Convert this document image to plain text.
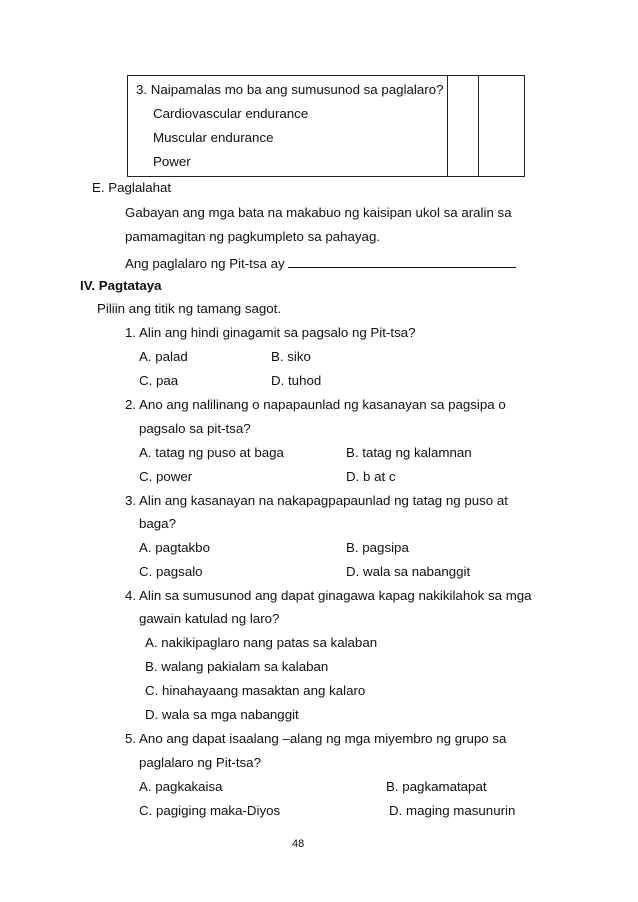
3. Naipamalas mo ba ang sumusunod sa paglalaro?
Cardiovascular endurance
Muscular endurance
Power

E. Paglalahat
Gabayan ang mga bata na makabuo ng kaisipan ukol sa aralin sa
pamamagitan ng pagkumpleto sa pahayag.
Ang paglalaro ng Pit-tsa ay
IV. Pagtataya
Piliin ang titik ng tamang sagot.
1. Alin ang hindi ginagamit sa pagsalo ng Pit-tsa?
A. palad	B. siko
C. paa	D. tuhod
2. Ano ang nalilinang o napapaunlad ng kasanayan sa pagsipa o
pagsalo sa pit-tsa?
A. tatag ng puso at baga	B. tatag ng kalamnan
C. power	D. b at c
3. Alin ang kasanayan na nakapagpapaunlad ng tatag ng puso at
baga?
A. pagtakbo	B. pagsipa
C. pagsalo	D. wala sa nabanggit
4. Alin sa sumusunod ang dapat ginagawa kapag nakikilahok sa mga
gawain katulad ng laro?
A. nakikipaglaro nang patas sa kalaban
B. walang pakialam sa kalaban
C. hinahayaang masaktan ang kalaro
D. wala sa mga nabanggit
5. Ano ang dapat isaalang –alang ng mga miyembro ng grupo sa
paglalaro ng Pit-tsa?
A. pagkakaisa	B. pagkamatapat
C. pagiging maka-Diyos	D. maging masunurin
48
